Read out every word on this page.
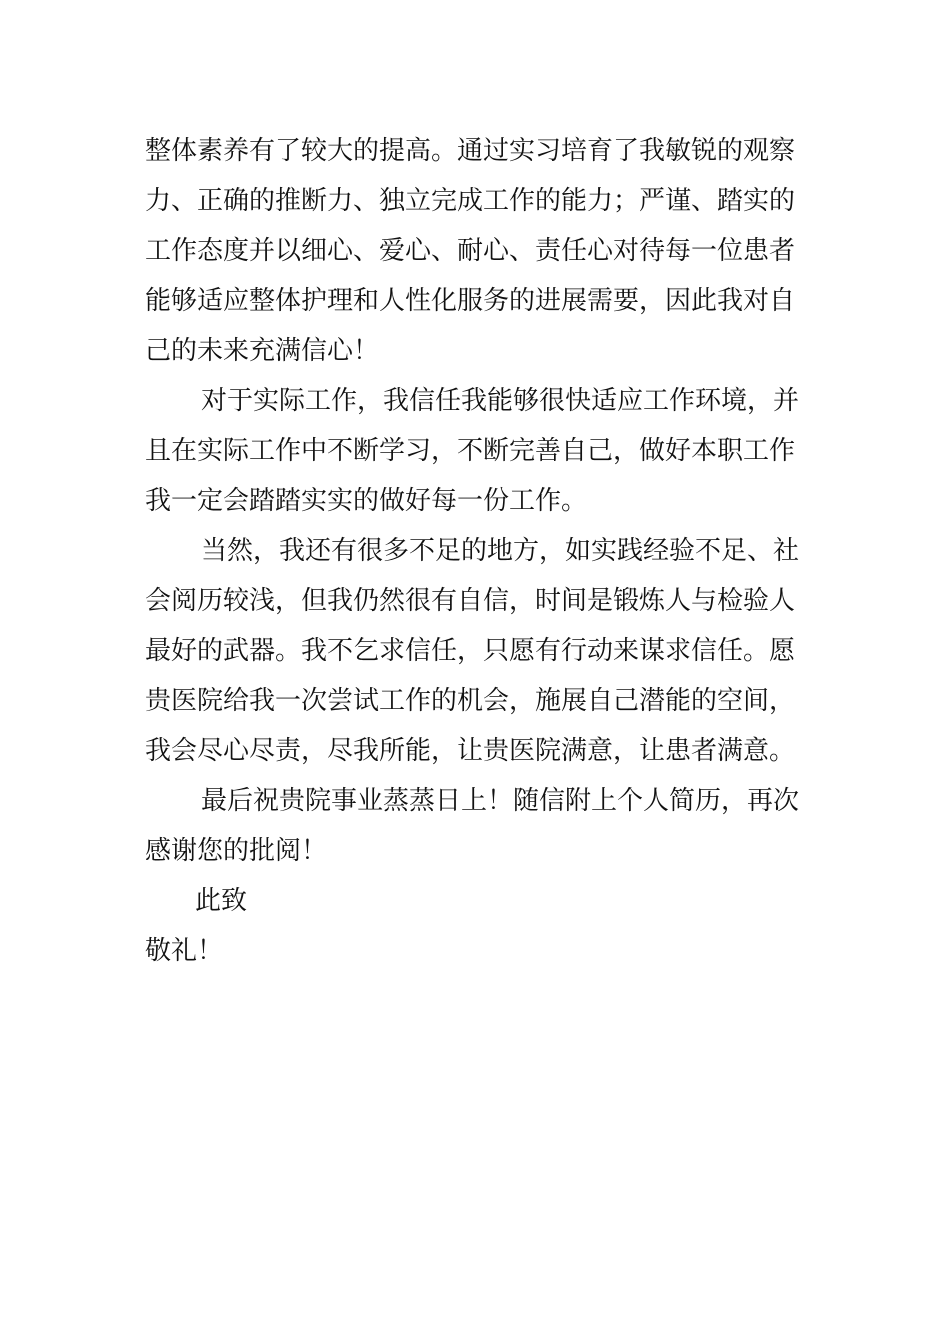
整体素养有了较大的提高。通过实习培育了我敏锐的观察
力、正确的推断力、独立完成工作的能力；严谨、踏实的
工作态度并以细心、爱心、耐心、责任心对待每一位患者
能够适应整体护理和人性化服务的进展需要，因此我对自
己的未来充满信心！
对于实际工作，我信任我能够很快适应工作环境，并
且在实际工作中不断学习，不断完善自己，做好本职工作
我一定会踏踏实实的做好每一份工作。
当然，我还有很多不足的地方，如实践经验不足、社
会阅历较浅，但我仍然很有自信，时间是锻炼人与检验人
最好的武器。我不乞求信任，只愿有行动来谋求信任。愿
贵医院给我一次尝试工作的机会，施展自己潜能的空间，
我会尽心尽责，尽我所能，让贵医院满意，让患者满意。
最后祝贵院事业蒸蒸日上！随信附上个人简历，再次
感谢您的批阅！
此致
敬礼！
